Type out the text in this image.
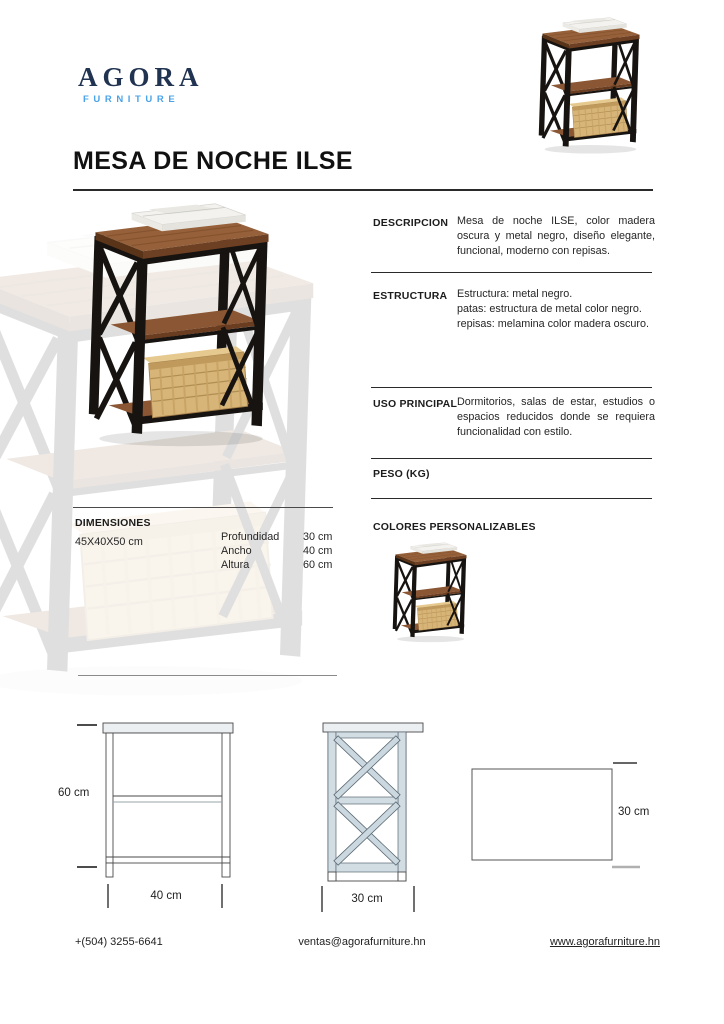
AGORA
FURNITURE
MESA DE NOCHE ILSE
DESCRIPCION Mesa de noche ILSE, color madera oscura y metal negro, diseño elegante, funcional, moderno con repisas.
ESTRUCTURA Estructura: metal negro.
patas: estructura de metal color negro.
repisas: melamina color madera oscuro.
USO PRINCIPAL Dormitorios, salas de estar, estudios o espacios reducidos donde se requiera funcionalidad con estilo.
PESO (KG)
COLORES PERSONALIZABLES
DIMENSIONES
45X40X50 cm	Profundidad 30 cm
Ancho	40 cm
Altura	60 cm
60 cm
40 cm	30 cm
30 cm
+(504) 3255-6641	ventas@agorafurniture.hn	www.agorafurniture.hn
